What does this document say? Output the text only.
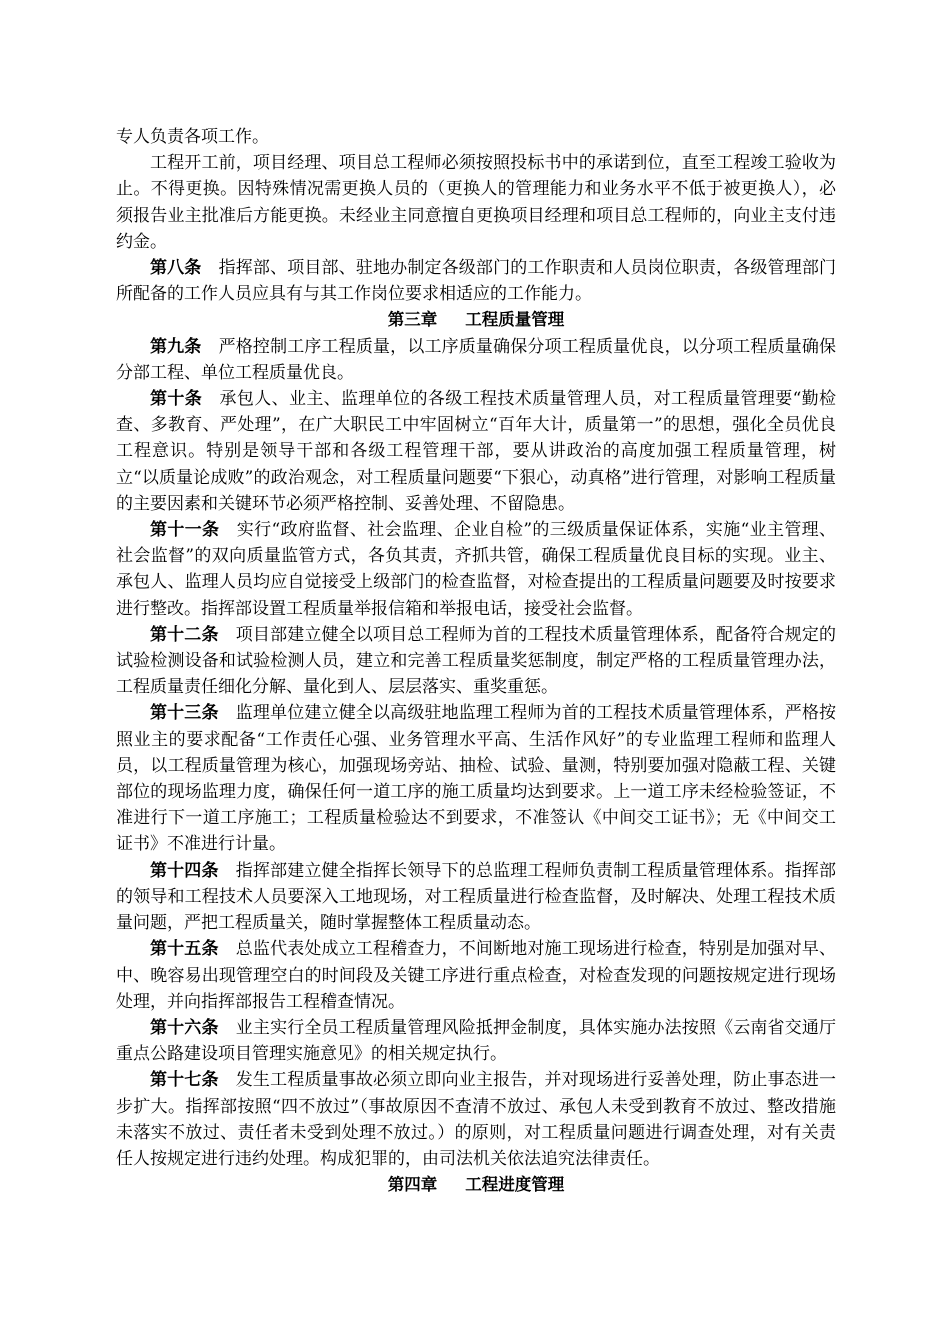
专人负责各项工作。

工程开工前，项目经理、项目总工程师必须按照投标书中的承诺到位，直至工程竣工验收为止。不得更换。因特殊情况需更换人员的（更换人的管理能力和业务水平不低于被更换人），必须报告业主批准后方能更换。未经业主同意擅自更换项目经理和项目总工程师的，向业主支付违约金。

第八条　 指挥部、项目部、驻地办制定各级部门的工作职责和人员岗位职责，各级管理部门所配备的工作人员应具有与其工作岗位要求相适应的工作能力。

第三章 工程质量管理

第九条　 严格控制工序工程质量，以工序质量确保分项工程质量优良，以分项工程质量确保分部工程、单位工程质量优良。

第十条　 承包人、业主、监理单位的各级工程技术质量管理人员，对工程质量管理要“勤检查、多教育、严处理”，在广大职民工中牢固树立“百年大计，质量第一”的思想，强化全员优良工程意识。特别是领导干部和各级工程管理干部，要从讲政治的高度加强工程质量管理，树立“以质量论成败”的政治观念，对工程质量问题要“下狠心，动真格”进行管理，对影响工程质量的主要因素和关键环节必须严格控制、妥善处理、不留隐患。

第十一条　 实行“政府监督、社会监理、企业自检”的三级质量保证体系，实施“业主管理、社会监督”的双向质量监管方式，各负其责，齐抓共管，确保工程质量优良目标的实现。业主、承包人、监理人员均应自觉接受上级部门的检查监督，对检查提出的工程质量问题要及时按要求进行整改。指挥部设置工程质量举报信箱和举报电话，接受社会监督。

第十二条　 项目部建立健全以项目总工程师为首的工程技术质量管理体系，配备符合规定的试验检测设备和试验检测人员，建立和完善工程质量奖惩制度，制定严格的工程质量管理办法，工程质量责任细化分解、量化到人、层层落实、重奖重惩。

第十三条　 监理单位建立健全以高级驻地监理工程师为首的工程技术质量管理体系，严格按照业主的要求配备“工作责任心强、业务管理水平高、生活作风好”的专业监理工程师和监理人员，以工程质量管理为核心，加强现场旁站、抽检、试验、量测，特别要加强对隐蔽工程、关键部位的现场监理力度，确保任何一道工序的施工质量均达到要求。上一道工序未经检验签证，不准进行下一道工序施工；工程质量检验达不到要求，不准签认《中间交工证书》；无《中间交工证书》不准进行计量。

第十四条　 指挥部建立健全指挥长领导下的总监理工程师负责制工程质量管理体系。指挥部的领导和工程技术人员要深入工地现场，对工程质量进行检查监督，及时解决、处理工程技术质量问题，严把工程质量关，随时掌握整体工程质量动态。

第十五条　 总监代表处成立工程稽查力，不间断地对施工现场进行检查，特别是加强对早、中、晚容易出现管理空白的时间段及关键工序进行重点检查，对检查发现的问题按规定进行现场处理，并向指挥部报告工程稽查情况。

第十六条　 业主实行全员工程质量管理风险抵押金制度，具体实施办法按照《云南省交通厅重点公路建设项目管理实施意见》的相关规定执行。

第十七条　 发生工程质量事故必须立即向业主报告，并对现场进行妥善处理，防止事态进一步扩大。指挥部按照“四不放过”（事故原因不查清不放过、承包人未受到教育不放过、整改措施未落实不放过、责任者未受到处理不放过。）的原则，对工程质量问题进行调查处理，对有关责任人按规定进行违约处理。构成犯罪的，由司法机关依法追究法律责任。

第四章 工程进度管理
